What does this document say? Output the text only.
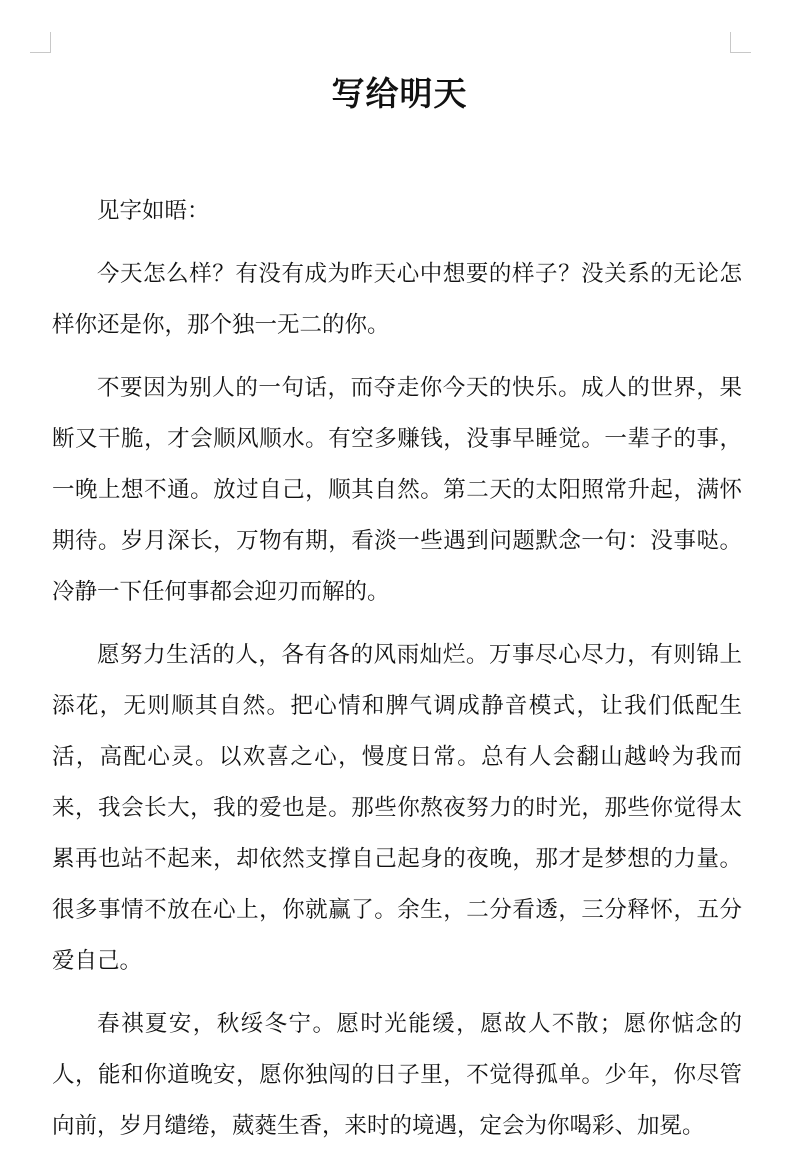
写给明天

见字如晤：

今天怎么样？有没有成为昨天心中想要的样子？没关系的无论怎样你还是你，那个独一无二的你。

不要因为别人的一句话，而夺走你今天的快乐。成人的世界，果断又干脆，才会顺风顺水。有空多赚钱，没事早睡觉。一辈子的事，一晚上想不通。放过自己，顺其自然。第二天的太阳照常升起，满怀期待。岁月深长，万物有期，看淡一些遇到问题默念一句：没事哒。冷静一下任何事都会迎刃而解的。

愿努力生活的人，各有各的风雨灿烂。万事尽心尽力，有则锦上添花，无则顺其自然。把心情和脾气调成静音模式，让我们低配生活，高配心灵。以欢喜之心，慢度日常。总有人会翻山越岭为我而来，我会长大，我的爱也是。那些你熬夜努力的时光，那些你觉得太累再也站不起来，却依然支撑自己起身的夜晚，那才是梦想的力量。很多事情不放在心上，你就赢了。余生，二分看透，三分释怀，五分爱自己。

春祺夏安，秋绥冬宁。愿时光能缓，愿故人不散；愿你惦念的人，能和你道晚安，愿你独闯的日子里，不觉得孤单。少年，你尽管向前，岁月缱绻，葳蕤生香，来时的境遇，定会为你喝彩、加冕。
